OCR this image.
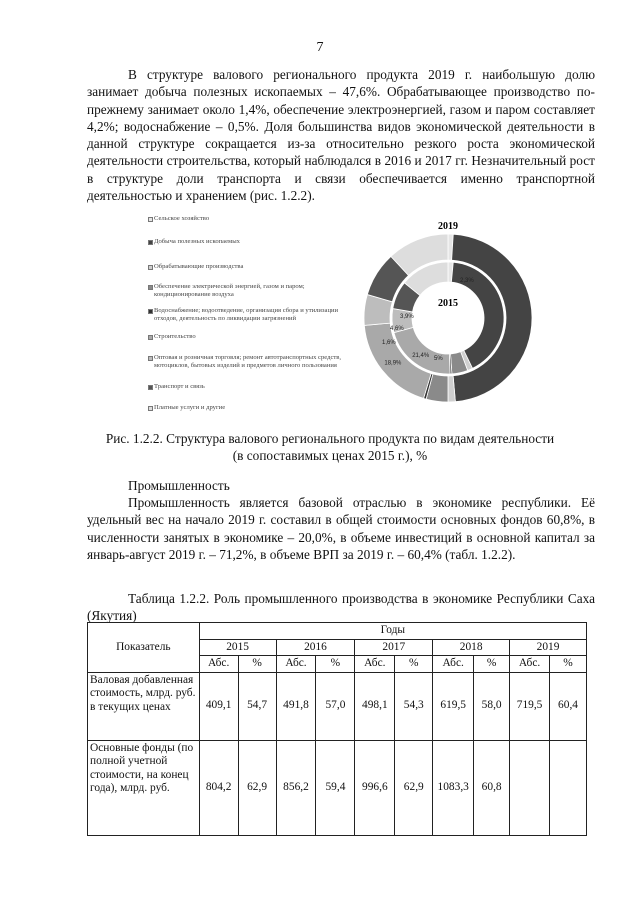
7

В структуре валового регионального продукта 2019 г. наибольшую долю занимает добыча полезных ископаемых – 47,6%. Обрабатывающее производство по-прежнему занимает около 1,4%, обеспечение электроэнергией, газом и паром составляет 4,2%; водоснабжение – 0,5%. Доля большинства видов экономической деятельности в данной структуре сокращается из-за относительно резкого роста экономической деятельности строительства, который наблюдался в 2016 и 2017 гг. Незначительный рост в структуре доли транспорта и связи обеспечивается именно транспортной деятельностью и хранением (рис. 1.2.2).

Сельское хозяйство
Добыча полезных ископаемых
Обрабатывающие производства
Обеспечение электрической энергией, газом и паром; кондиционирование воздуха
Водоснабжение; водоотведение, организация сбора и утилизации отходов, деятельность по ликвидации загрязнений
Строительство
Оптовая и розничная торговля; ремонт автотранспортных средств, мотоциклов, бытовых изделий и предметов личного пользования
Транспорт и связь
Платные услуги и другие
2019
18,9%
21,4%
2015
5%
2,3%
3,9%
4,6%
1,6%

Рис. 1.2.2. Структура валового регионального продукта по видам деятельности (в сопоставимых ценах 2015 г.), %

Промышленность

Промышленность является базовой отраслью в экономике республики. Её удельный вес на начало 2019 г. составил в общей стоимости основных фондов 60,8%, в численности занятых в экономике – 20,0%, в объеме инвестиций в основной капитал за январь-август 2019 г. – 71,2%, в объеме ВРП за 2019 г. – 60,4% (табл. 1.2.2).

Таблица 1.2.2. Роль промышленного производства в экономике Республики Саха (Якутия)

Показатель	Годы									
	2015		2016		2017		2018		2019	
	Абс.	%	Абс.	%	Абс.	%	Абс.	%	Абс.	%
Валовая добавленная стоимость, млрд. руб. в текущих ценах	409,1	54,7	491,8	57,0	498,1	54,3	619,5	58,0	719,5	60,4
Основные фонды (по полной учетной стоимости, на конец года), млрд. руб.	804,2	62,9	856,2	59,4	996,6	62,9	1083,3	60,8		
